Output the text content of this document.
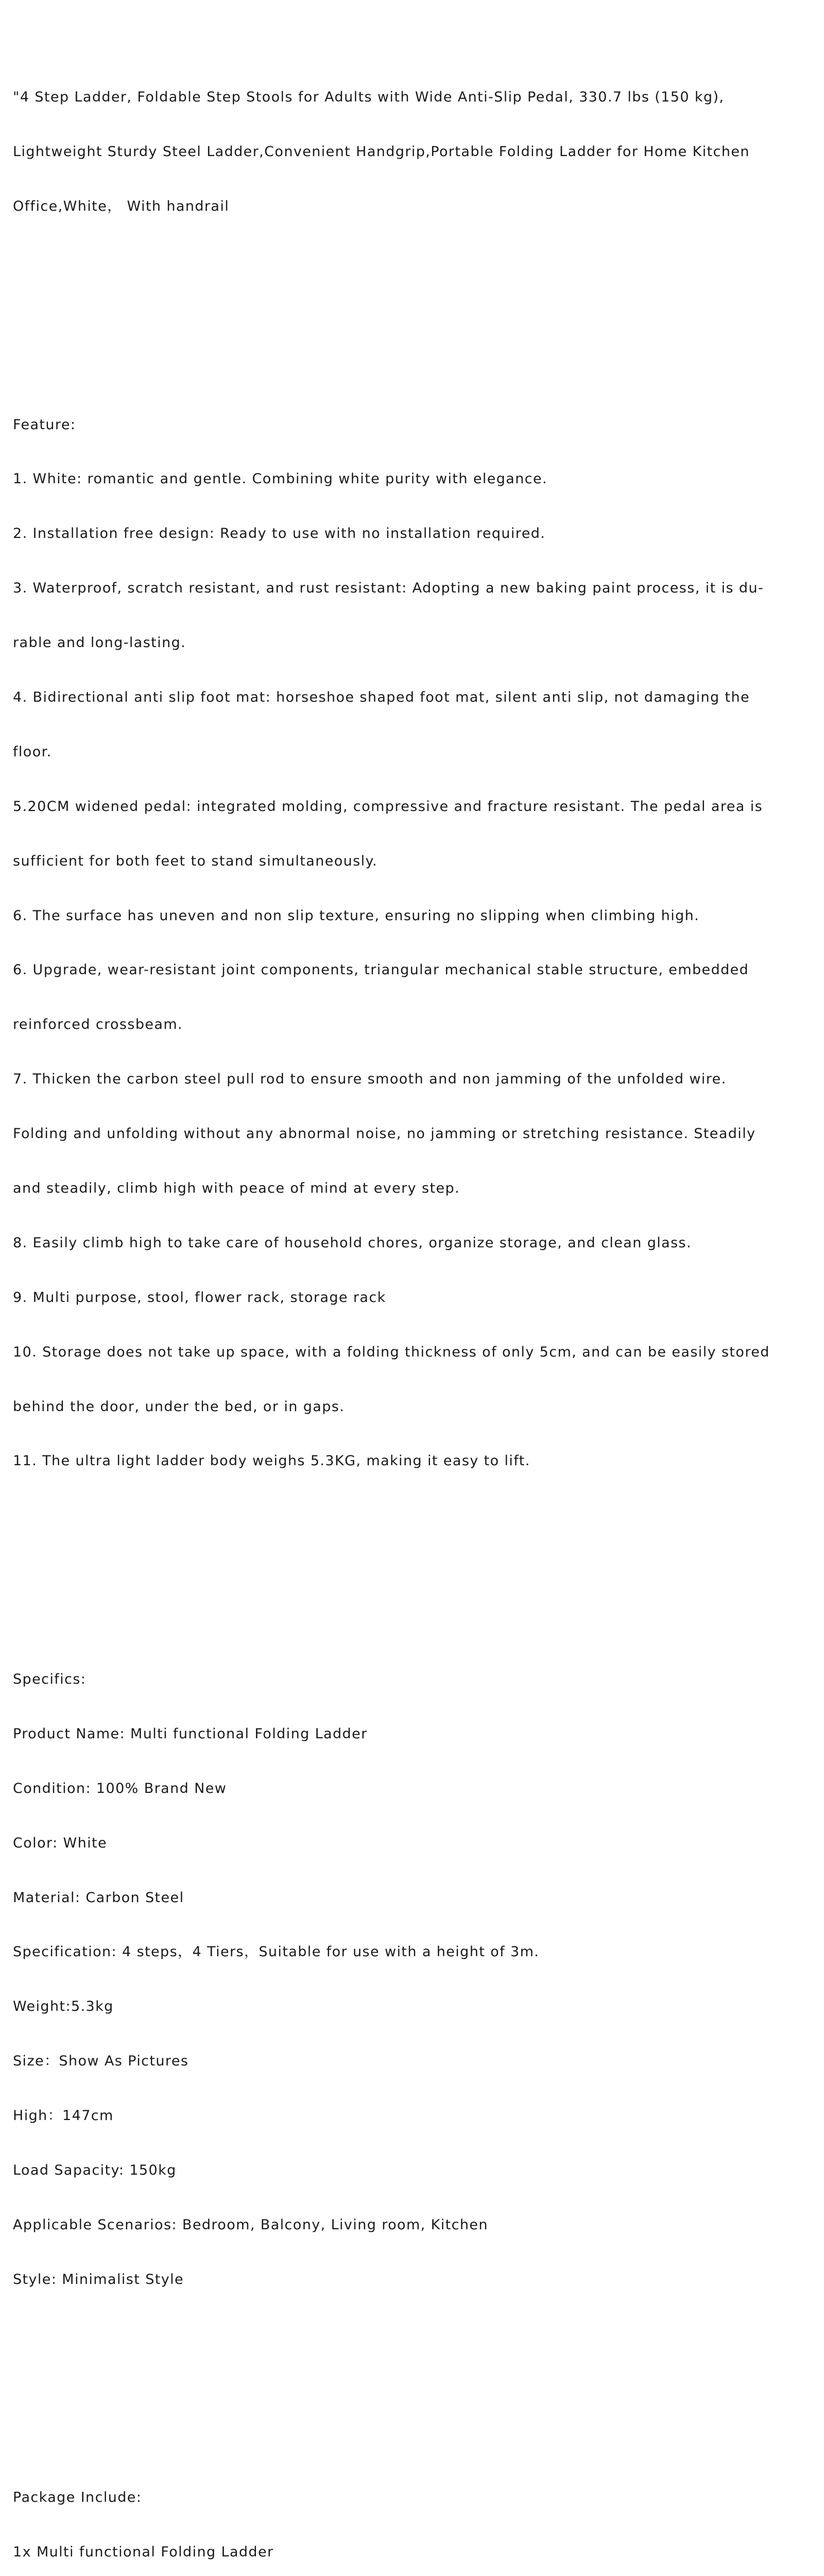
"4 Step Ladder, Foldable Step Stools for Adults with Wide Anti-Slip Pedal, 330.7 lbs (150 kg),

Lightweight Sturdy Steel Ladder,Convenient Handgrip,Portable Folding Ladder for Home Kitchen

Office,White， With handrail

Feature:

1. White: romantic and gentle. Combining white purity with elegance.

2. Installation free design: Ready to use with no installation required.

3. Waterproof, scratch resistant, and rust resistant: Adopting a new baking paint process, it is du-

rable and long-lasting.

4. Bidirectional anti slip foot mat: horseshoe shaped foot mat, silent anti slip, not damaging the

floor.

5.20CM widened pedal: integrated molding, compressive and fracture resistant. The pedal area is

sufficient for both feet to stand simultaneously.

6. The surface has uneven and non slip texture, ensuring no slipping when climbing high.

6. Upgrade, wear-resistant joint components, triangular mechanical stable structure, embedded

reinforced crossbeam.

7. Thicken the carbon steel pull rod to ensure smooth and non jamming of the unfolded wire.

Folding and unfolding without any abnormal noise, no jamming or stretching resistance. Steadily

and steadily, climb high with peace of mind at every step.

8. Easily climb high to take care of household chores, organize storage, and clean glass.

9. Multi purpose, stool, flower rack, storage rack

10. Storage does not take up space, with a folding thickness of only 5cm, and can be easily stored

behind the door, under the bed, or in gaps.

11. The ultra light ladder body weighs 5.3KG, making it easy to lift.

Specifics:

Product Name: Multi functional Folding Ladder

Condition: 100% Brand New

Color: White

Material: Carbon Steel

Specification: 4 steps，4 Tiers，Suitable for use with a height of 3m.

Weight:5.3kg

Size：Show As Pictures

High：147cm

Load Sapacity: 150kg

Applicable Scenarios: Bedroom, Balcony, Living room, Kitchen

Style: Minimalist Style

Package Include:

1x Multi functional Folding Ladder
